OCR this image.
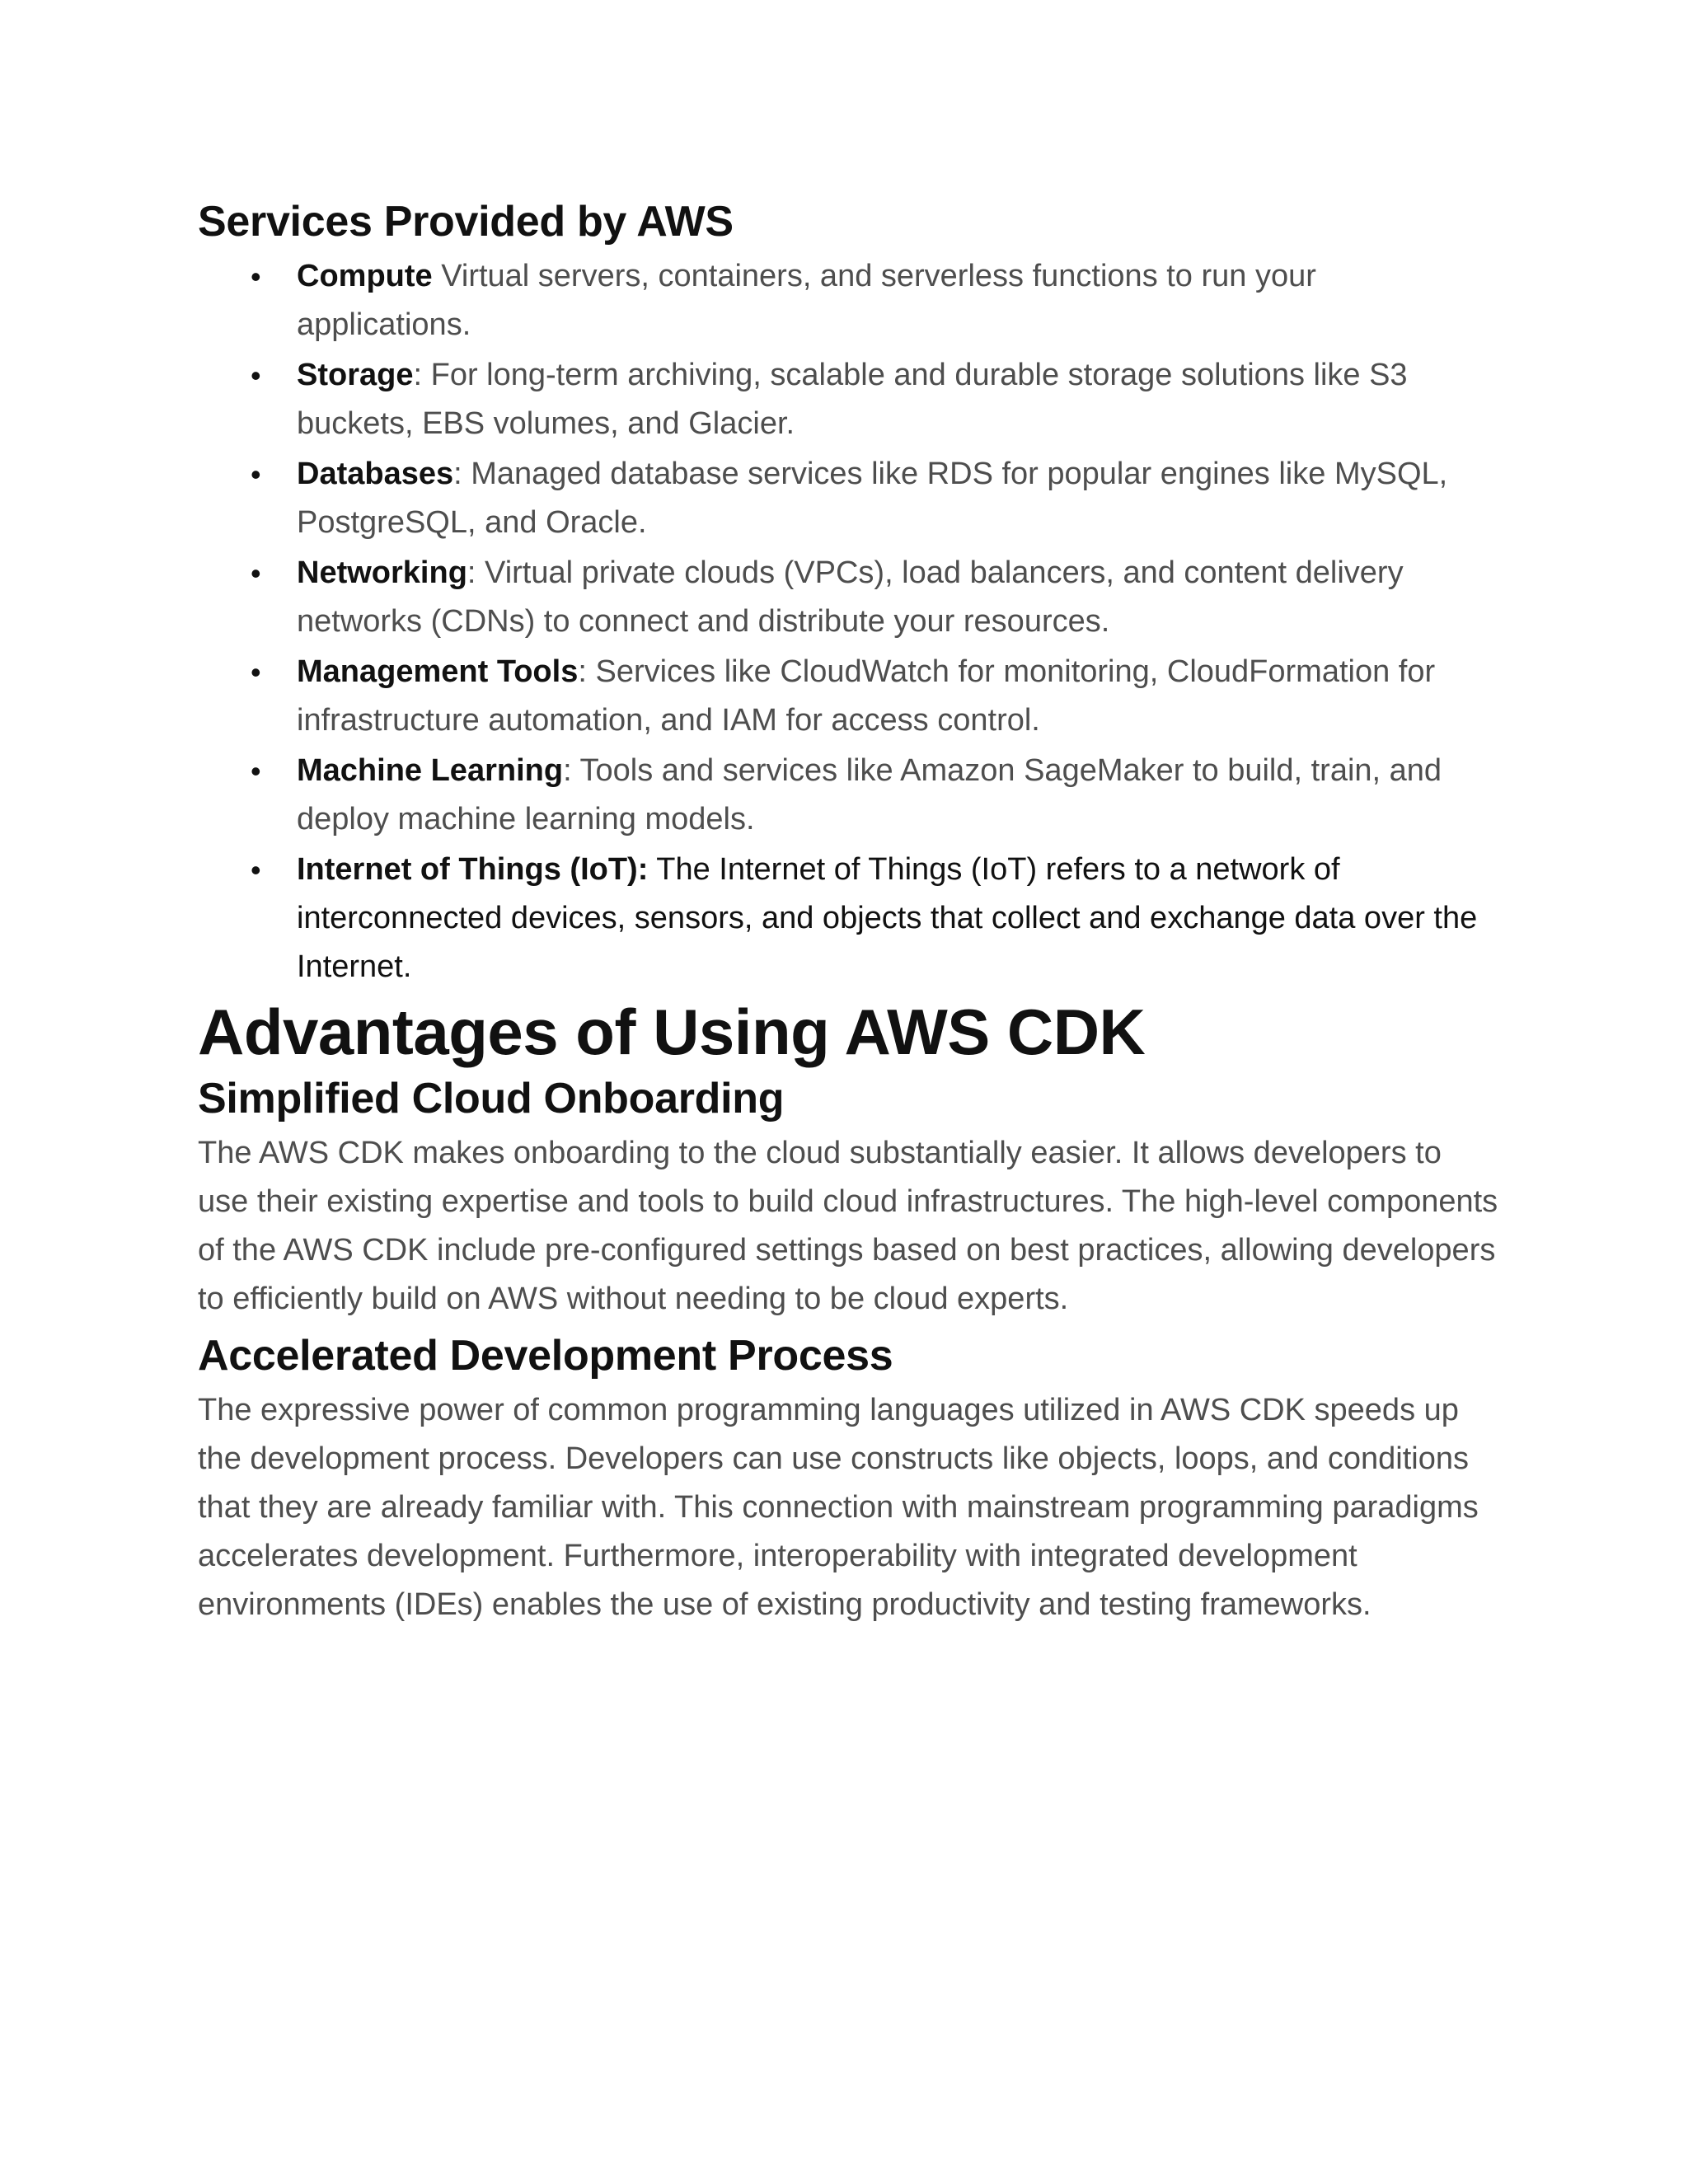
Services Provided by AWS
• Compute Virtual servers, containers, and serverless functions to run your applications.
• Storage: For long-term archiving, scalable and durable storage solutions like S3 buckets, EBS volumes, and Glacier.
• Databases: Managed database services like RDS for popular engines like MySQL, PostgreSQL, and Oracle.
• Networking: Virtual private clouds (VPCs), load balancers, and content delivery networks (CDNs) to connect and distribute your resources.
• Management Tools: Services like CloudWatch for monitoring, CloudFormation for infrastructure automation, and IAM for access control.
• Machine Learning: Tools and services like Amazon SageMaker to build, train, and deploy machine learning models.
• Internet of Things (IoT): The Internet of Things (IoT) refers to a network of interconnected devices, sensors, and objects that collect and exchange data over the Internet.
Advantages of Using AWS CDK
Simplified Cloud Onboarding

The AWS CDK makes onboarding to the cloud substantially easier. It allows developers to use their existing expertise and tools to build cloud infrastructures. The high-level components of the AWS CDK include pre-configured settings based on best practices, allowing developers to efficiently build on AWS without needing to be cloud experts.

Accelerated Development Process

The expressive power of common programming languages utilized in AWS CDK speeds up the development process. Developers can use constructs like objects, loops, and conditions that they are already familiar with. This connection with mainstream programming paradigms accelerates development. Furthermore, interoperability with integrated development environments (IDEs) enables the use of existing productivity and testing frameworks.
